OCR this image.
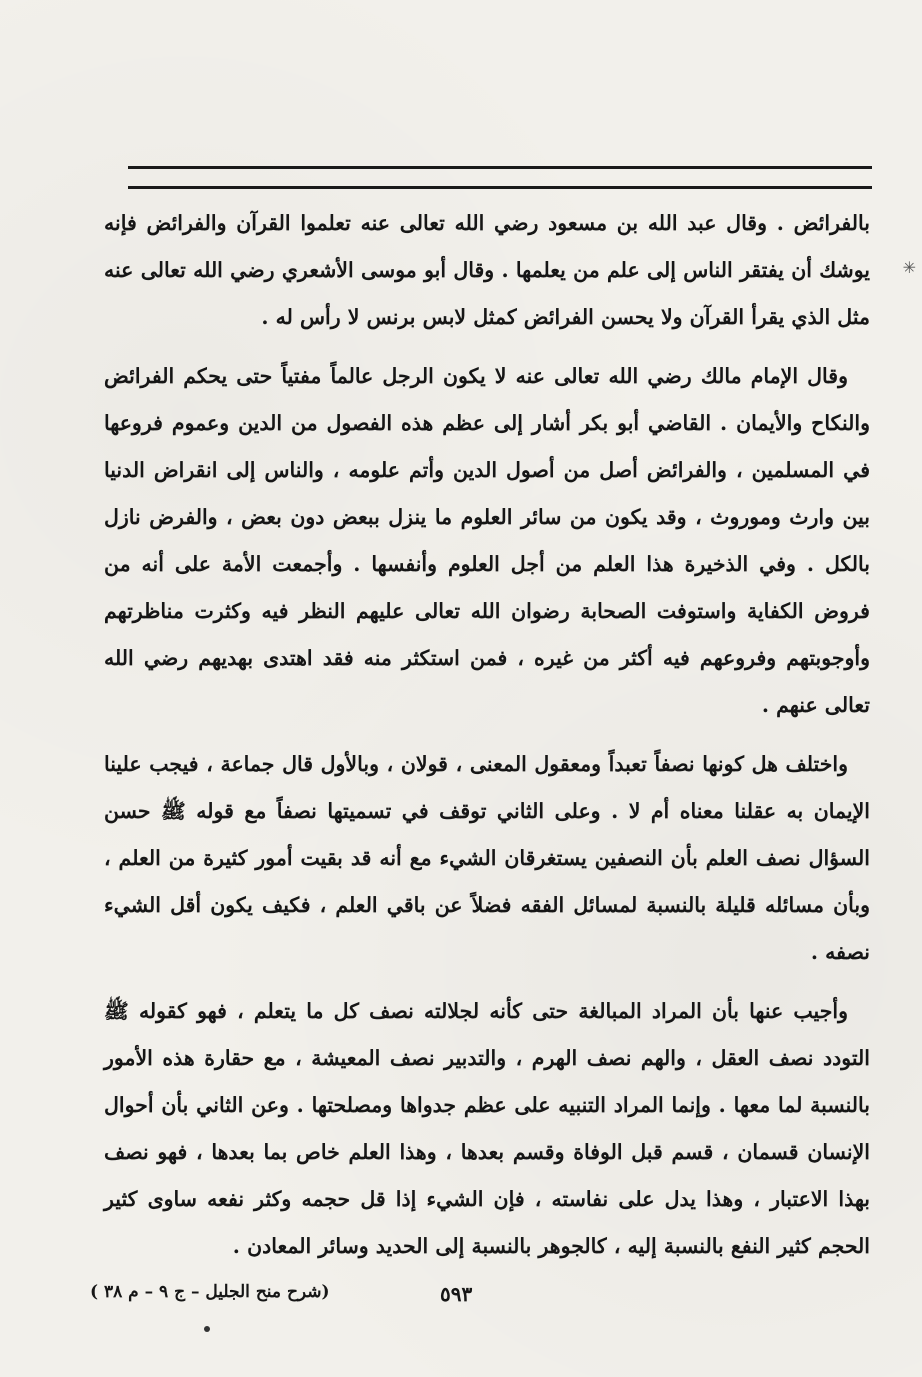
✳

بالفرائض . وقال عبد الله بن مسعود رضي الله تعالى عنه تعلموا القرآن والفرائض فإنه يوشك أن يفتقر الناس إلى علم من يعلمها . وقال أبو موسى الأشعري رضي الله تعالى عنه مثل الذي يقرأ القرآن ولا يحسن الفرائض كمثل لابس برنس لا رأس له .

وقال الإمام مالك رضي الله تعالى عنه لا يكون الرجل عالماً مفتياً حتى يحكم الفرائض والنكاح والأيمان . القاضي أبو بكر أشار إلى عظم هذه الفصول من الدين وعموم فروعها في المسلمين ، والفرائض أصل من أصول الدين وأتم علومه ، والناس إلى انقراض الدنيا بين وارث وموروث ، وقد يكون من سائر العلوم ما ينزل ببعض دون بعض ، والفرض نازل بالكل . وفي الذخيرة هذا العلم من أجل العلوم وأنفسها . وأجمعت الأمة على أنه من فروض الكفاية واستوفت الصحابة رضوان الله تعالى عليهم النظر فيه وكثرت مناظرتهم وأوجوبتهم وفروعهم فيه أكثر من غيره ، فمن استكثر منه فقد اهتدى بهديهم رضي الله تعالى عنهم .

واختلف هل كونها نصفاً تعبداً ومعقول المعنى ، قولان ، وبالأول قال جماعة ، فيجب علينا الإيمان به عقلنا معناه أم لا . وعلى الثاني توقف في تسميتها نصفاً مع قوله ﷺ حسن السؤال نصف العلم بأن النصفين يستغرقان الشيء مع أنه قد بقيت أمور كثيرة من العلم ، وبأن مسائله قليلة بالنسبة لمسائل الفقه فضلاً عن باقي العلم ، فكيف يكون أقل الشيء نصفه .

وأجيب عنها بأن المراد المبالغة حتى كأنه لجلالته نصف كل ما يتعلم ، فهو كقوله ﷺ التودد نصف العقل ، والهم نصف الهرم ، والتدبير نصف المعيشة ، مع حقارة هذه الأمور بالنسبة لما معها . وإنما المراد التنبيه على عظم جدواها ومصلحتها . وعن الثاني بأن أحوال الإنسان قسمان ، قسم قبل الوفاة وقسم بعدها ، وهذا العلم خاص بما بعدها ، فهو نصف بهذا الاعتبار ، وهذا يدل على نفاسته ، فإن الشيء إذا قل حجمه وكثر نفعه ساوى كثير الحجم كثير النفع بالنسبة إليه ، كالجوهر بالنسبة إلى الحديد وسائر المعادن .

٥٩٣
(شرح منح الجليل – ج ٩ – م ٣٨ )
